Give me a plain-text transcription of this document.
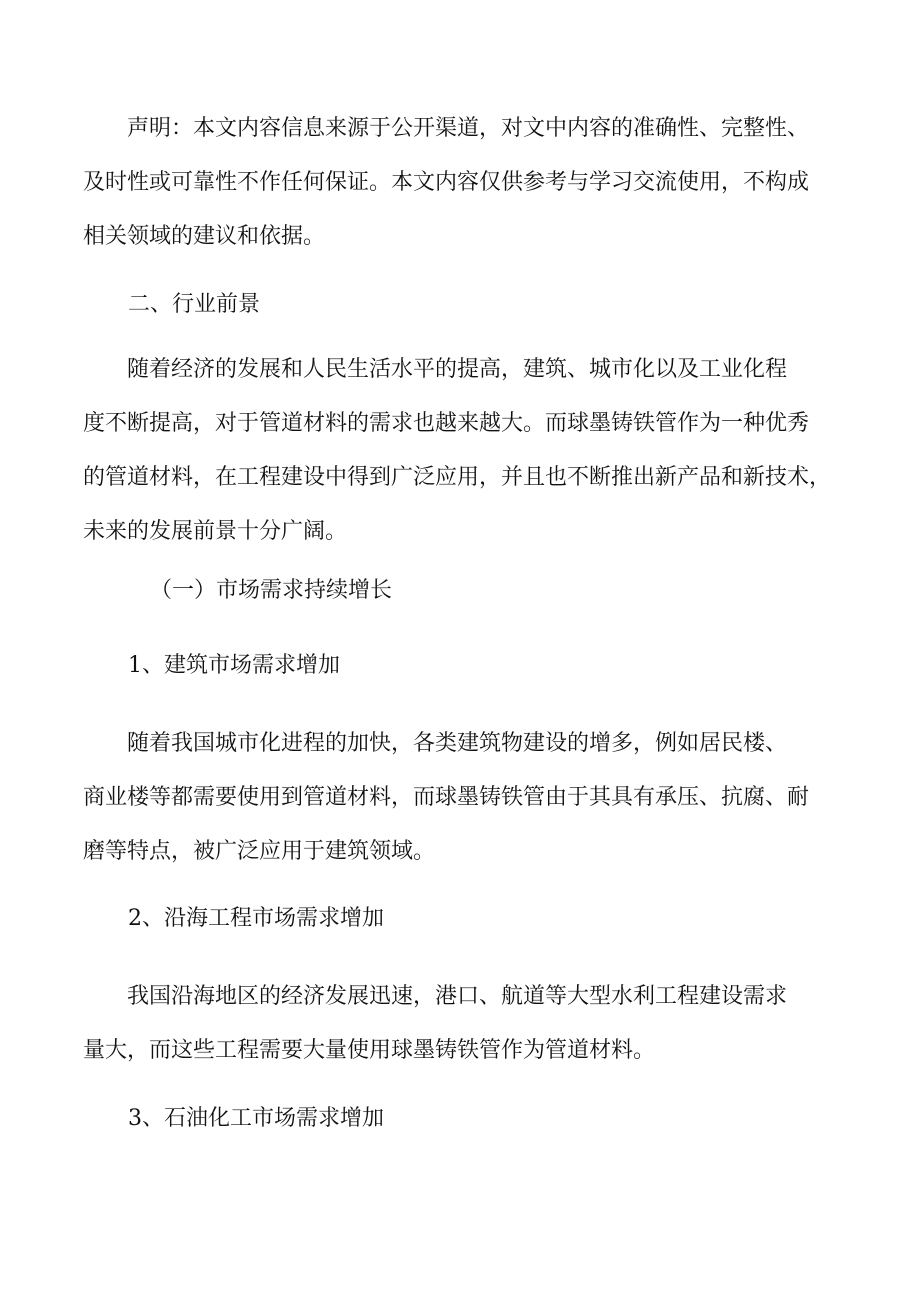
声明：本文内容信息来源于公开渠道，对文中内容的准确性、完整性、
及时性或可靠性不作任何保证。本文内容仅供参考与学习交流使用，不构成
相关领域的建议和依据。
二、行业前景
随着经济的发展和人民生活水平的提高，建筑、城市化以及工业化程
度不断提高，对于管道材料的需求也越来越大。而球墨铸铁管作为一种优秀
的管道材料，在工程建设中得到广泛应用，并且也不断推出新产品和新技术，
未来的发展前景十分广阔。
（一）市场需求持续增长
1、建筑市场需求增加
随着我国城市化进程的加快，各类建筑物建设的增多，例如居民楼、
商业楼等都需要使用到管道材料，而球墨铸铁管由于其具有承压、抗腐、耐
磨等特点，被广泛应用于建筑领域。
2、沿海工程市场需求增加
我国沿海地区的经济发展迅速，港口、航道等大型水利工程建设需求
量大，而这些工程需要大量使用球墨铸铁管作为管道材料。
3、石油化工市场需求增加
